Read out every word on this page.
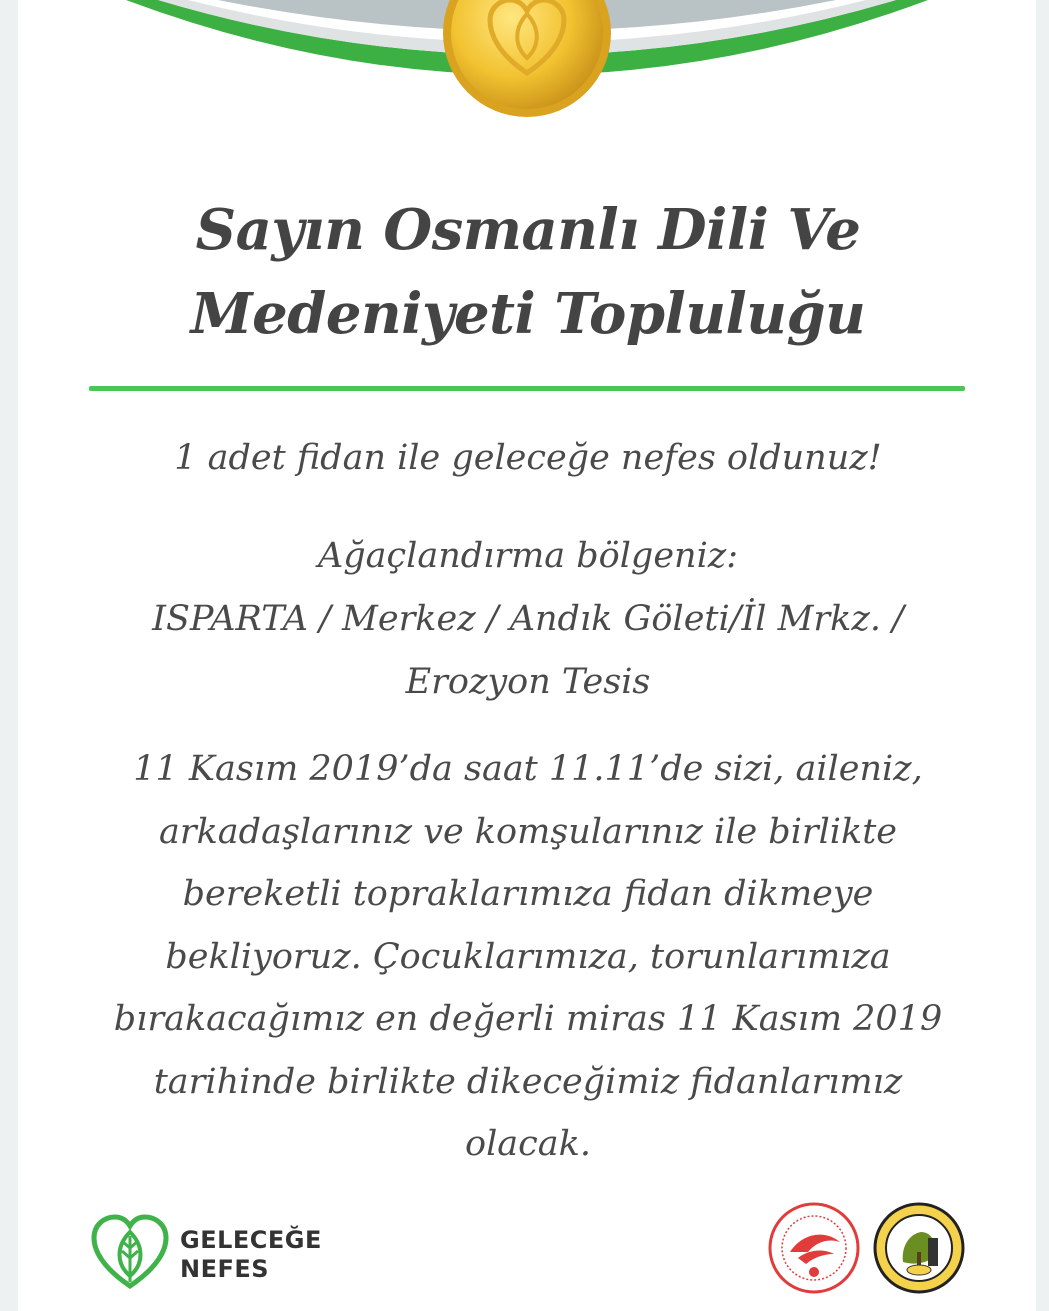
Sayın Osmanlı Dili Ve
Medeniyeti Topluluğu

1 adet fidan ile geleceğe nefes oldunuz!

Ağaçlandırma bölgeniz:
ISPARTA / Merkez / Andık Göleti/İl Mrkz. /
Erozyon Tesis

11 Kasım 2019’da saat 11.11’de sizi, aileniz,
arkadaşlarınız ve komşularınız ile birlikte
bereketli topraklarımıza fidan dikmeye
bekliyoruz. Çocuklarımıza, torunlarımıza
bırakacağımız en değerli miras 11 Kasım 2019
tarihinde birlikte dikeceğimiz fidanlarımız
olacak.

GELECEĞE
NEFES
